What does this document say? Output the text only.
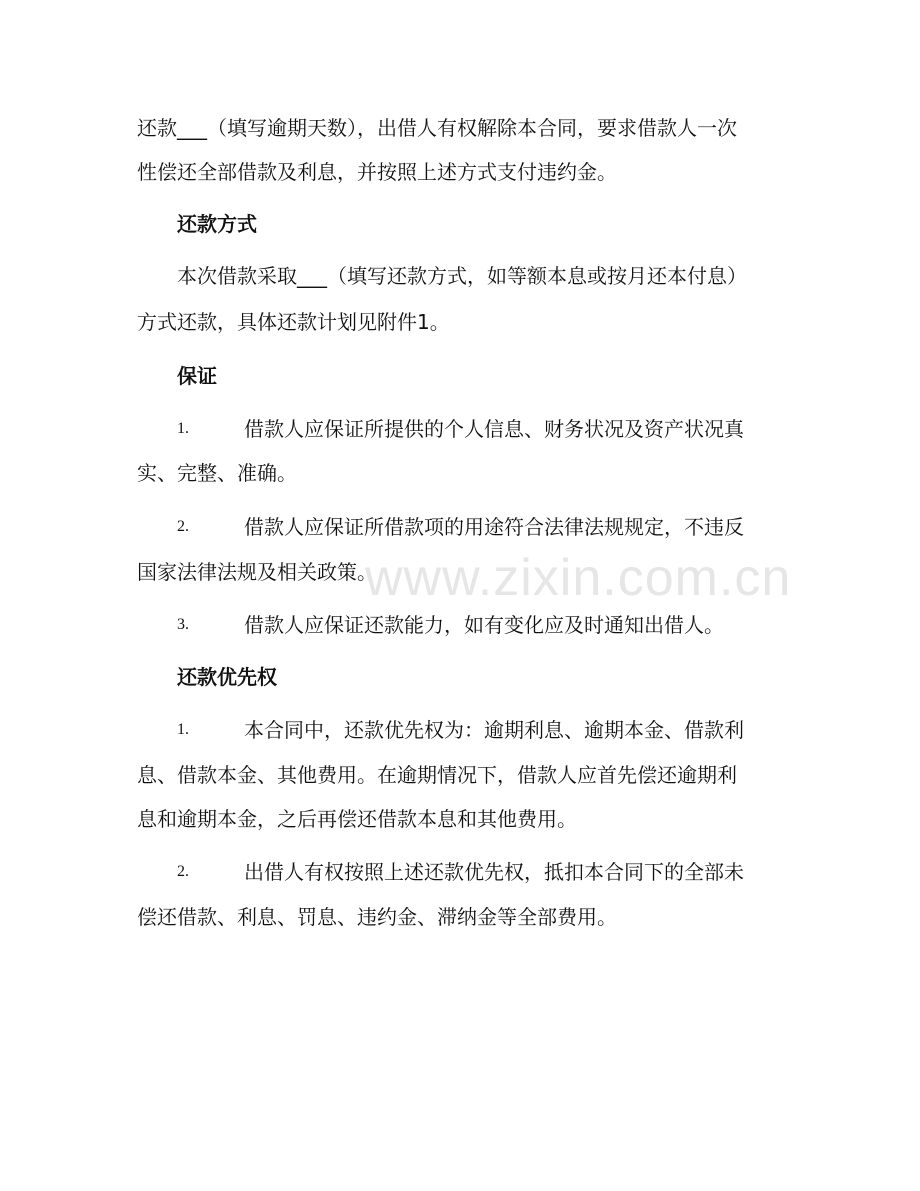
www.zixin.com.cn
还款___（填写逾期天数），出借人有权解除本合同，要求借款人一次
性偿还全部借款及利息，并按照上述方式支付违约金。
还款方式
本次借款采取___（填写还款方式，如等额本息或按月还本付息）
方式还款，具体还款计划见附件1。
保证
1.	借款人应保证所提供的个人信息、财务状况及资产状况真
实、完整、准确。
2.	借款人应保证所借款项的用途符合法律法规规定，不违反
国家法律法规及相关政策。
3.	借款人应保证还款能力，如有变化应及时通知出借人。
还款优先权
1.	本合同中，还款优先权为：逾期利息、逾期本金、借款利
息、借款本金、其他费用。在逾期情况下，借款人应首先偿还逾期利
息和逾期本金，之后再偿还借款本息和其他费用。
2.	出借人有权按照上述还款优先权，抵扣本合同下的全部未
偿还借款、利息、罚息、违约金、滞纳金等全部费用。
